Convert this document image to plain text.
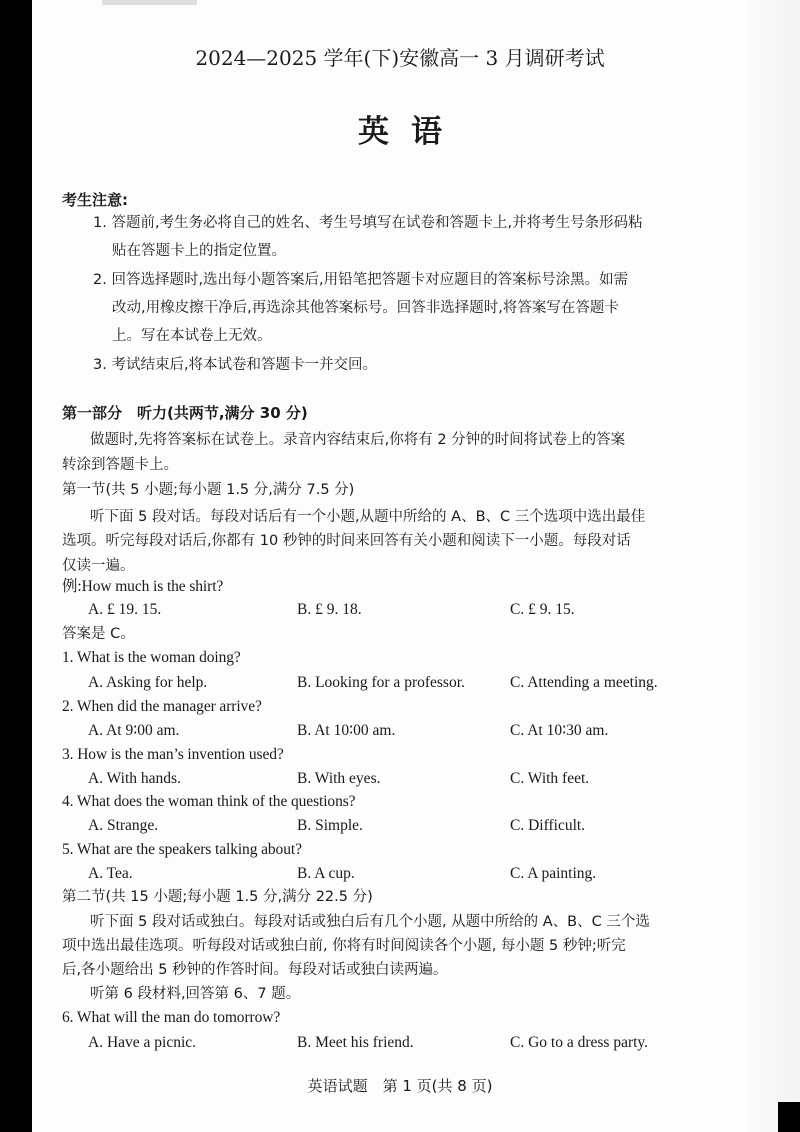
2024—2025 学年(下)安徽高一 3 月调研考试
英语
考生注意:
1. 答题前,考生务必将自己的姓名、考生号填写在试卷和答题卡上,并将考生号条形码粘
贴在答题卡上的指定位置。
2. 回答选择题时,选出每小题答案后,用铅笔把答题卡对应题目的答案标号涂黑。如需
改动,用橡皮擦干净后,再选涂其他答案标号。回答非选择题时,将答案写在答题卡
上。写在本试卷上无效。
3. 考试结束后,将本试卷和答题卡一并交回。
第一部分　听力(共两节,满分 30 分)
做题时,先将答案标在试卷上。录音内容结束后,你将有 2 分钟的时间将试卷上的答案
转涂到答题卡上。
第一节(共 5 小题;每小题 1.5 分,满分 7.5 分)
听下面 5 段对话。每段对话后有一个小题,从题中所给的 A、B、C 三个选项中选出最佳
选项。听完每段对话后,你都有 10 秒钟的时间来回答有关小题和阅读下一小题。每段对话
仅读一遍。
例:How much is the shirt?
A. £ 19. 15.	B. £ 9. 18.	C. £ 9. 15.
答案是 C。
1. What is the woman doing?
A. Asking for help.	B. Looking for a professor.	C. Attending a meeting.
2. When did the manager arrive?
A. At 9∶00 am.	B. At 10∶00 am.	C. At 10∶30 am.
3. How is the man’s invention used?
A. With hands.	B. With eyes.	C. With feet.
4. What does the woman think of the questions?
A. Strange.	B. Simple.	C. Difficult.
5. What are the speakers talking about?
A. Tea.	B. A cup.	C. A painting.
第二节(共 15 小题;每小题 1.5 分,满分 22.5 分)
听下面 5 段对话或独白。每段对话或独白后有几个小题, 从题中所给的 A、B、C 三个选
项中选出最佳选项。听每段对话或独白前, 你将有时间阅读各个小题, 每小题 5 秒钟;听完
后,各小题给出 5 秒钟的作答时间。每段对话或独白读两遍。
听第 6 段材料,回答第 6、7 题。
6. What will the man do tomorrow?
A. Have a picnic.	B. Meet his friend.	C. Go to a dress party.
英语试题　第 1 页(共 8 页)
